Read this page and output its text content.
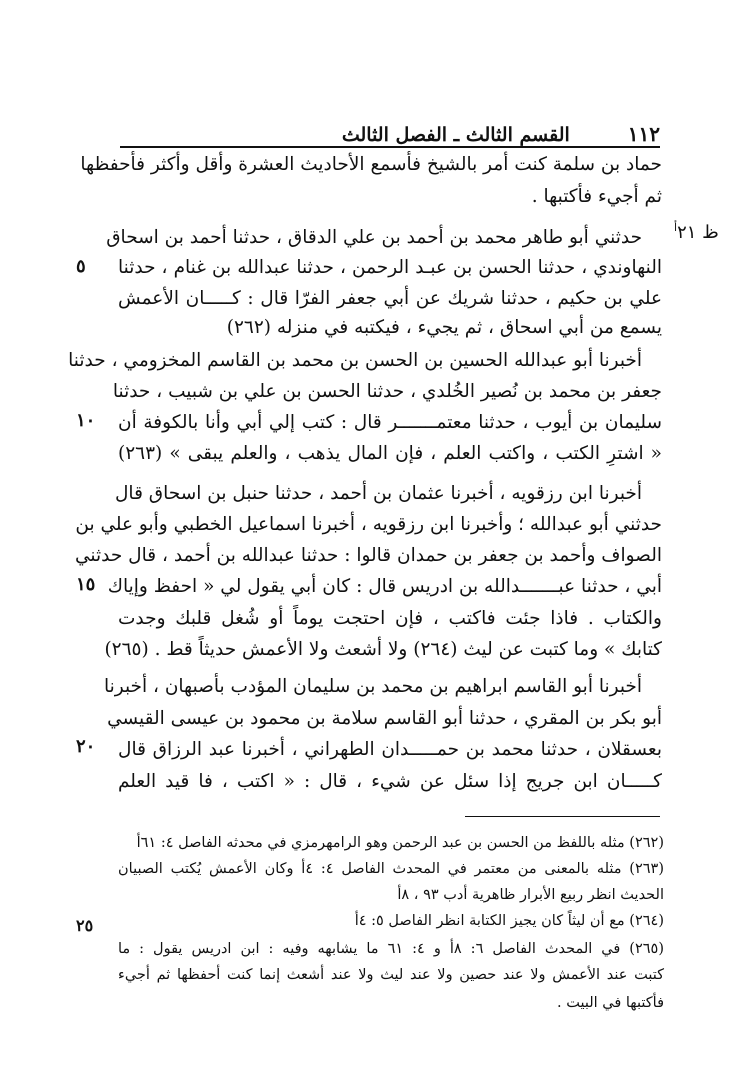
١١٢
القسم الثالث ـ الفصل الثالث
حماد بن سلمة كنت أمر بالشيخ فأسمع الأحاديث العشرة وأقل وأكثر فأحفظها
ثم أجيء فأكتبها .
حدثني أبو طاهر محمد بن أحمد بن علي الدقاق ، حدثنا أحمد بن اسحاق
النهاوندي ، حدثنا الحسن بن عبـد الرحمن ، حدثنا عبدالله بن غنام ، حدثنا
علي بن حكيم ، حدثنا شريك عن أبي جعفر الفرّا قال : كـــــان الأعمش
يسمع من أبي اسحاق ، ثم يجيء ، فيكتبه في منزله (٢٦٢)
أخبرنا أبو عبدالله الحسين بن الحسن بن محمد بن القاسم المخزومي ، حدثنا
جعفر بن محمد بن نُصير الخُلدي ، حدثنا الحسن بن علي بن شبيب ، حدثنا
سليمان بن أيوب ، حدثنا معتمـــــــر قال : كتب إلي أبي وأنا بالكوفة أن
« اشترِ الكتب ، واكتب العلم ، فإن المال يذهب ، والعلم يبقى » (٢٦٣)
أخبرنا ابن رزقويه ، أخبرنا عثمان بن أحمد ، حدثنا حنبل بن اسحاق قال
حدثني أبو عبدالله ؛ وأخبرنا ابن رزقويه ، أخبرنا اسماعيل الخطبي وأبو علي بن
الصواف وأحمد بن جعفر بن حمدان قالوا : حدثنا عبدالله بن أحمد ، قال حدثني
أبي ، حدثنا عبـــــــدالله بن ادريس قال : كان أبي يقول لي « احفظ وإياك
والكتاب . فاذا جئت فاكتب ، فإن احتجت يوماً أو شُغل قلبك وجدت
كتابك » وما كتبت عن ليث (٢٦٤) ولا أشعث ولا الأعمش حديثاً قط . (٢٦٥)
أخبرنا أبو القاسم ابراهيم بن محمد بن سليمان المؤدب بأصبهان ، أخبرنا
أبو بكر بن المقري ، حدثنا أبو القاسم سلامة بن محمود بن عيسى القيسي
بعسقلان ، حدثنا محمد بن حمـــــدان الطهراني ، أخبرنا عبد الرزاق قال
كـــــان ابن جريج إذا سئل عن شيء ، قال : « اكتب ، فا قيد العلم
ظ $٢١^أ$
٥
١٠
١٥
٢٠
٢٥
(٢٦٢) مثله باللفظ من الحسن بن عبد الرحمن وهو الرامهرمزي في محدثه الفاصل ٤: ٦١أ
(٢٦٣) مثله بالمعنى من معتمر في المحدث الفاصل ٤: ٤أ وكان الأعمش يُكتب الصبيان
الحديث انظر ربيع الأبرار ظاهرية أدب ٩٣ ، ٨أ
(٢٦٤) مع أن ليثاً كان يجيز الكتابة انظر الفاصل ٥: ٤أ
(٢٦٥) في المحدث الفاصل ٦: ٨أ و ٤: ٦١ ما يشابهه وفيه : ابن ادريس يقول : ما
كتبت عند الأعمش ولا عند حصين ولا عند ليث ولا عند أشعث إنما كنت أحفظها ثم أجيء
فأكتبها في البيت .
